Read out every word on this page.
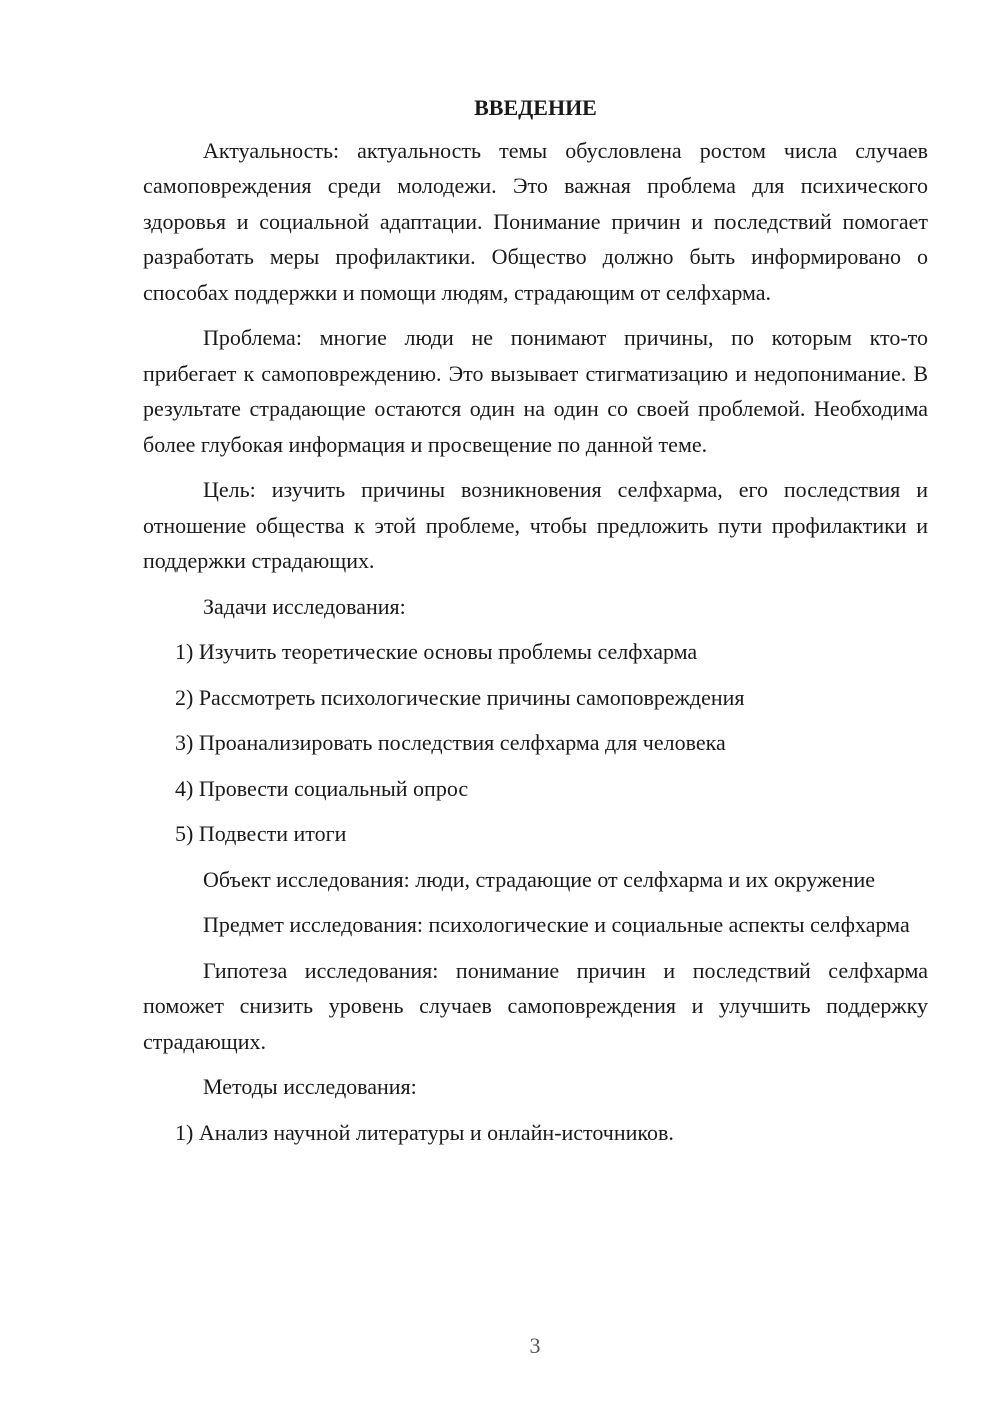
ВВЕДЕНИЕ
Актуальность: актуальность темы обусловлена ростом числа случаев самоповреждения среди молодежи. Это важная проблема для психического здоровья и социальной адаптации. Понимание причин и последствий помогает разработать меры профилактики. Общество должно быть информировано о способах поддержки и помощи людям, страдающим от селфхарма.
Проблема: многие люди не понимают причины, по которым кто-то прибегает к самоповреждению. Это вызывает стигматизацию и недопонимание. В результате страдающие остаются один на один со своей проблемой. Необходима более глубокая информация и просвещение по данной теме.
Цель: изучить причины возникновения селфхарма, его последствия и отношение общества к этой проблеме, чтобы предложить пути профилактики и поддержки страдающих.
Задачи исследования:
1) Изучить теоретические основы проблемы селфхарма
2) Рассмотреть психологические причины самоповреждения
3) Проанализировать последствия селфхарма для человека
4) Провести социальный опрос
5) Подвести итоги
Объект исследования: люди, страдающие от селфхарма и их окружение
Предмет исследования: психологические и социальные аспекты селфхарма
Гипотеза исследования: понимание причин и последствий селфхарма поможет снизить уровень случаев самоповреждения и улучшить поддержку страдающих.
Методы исследования:
1) Анализ научной литературы и онлайн-источников.
3
